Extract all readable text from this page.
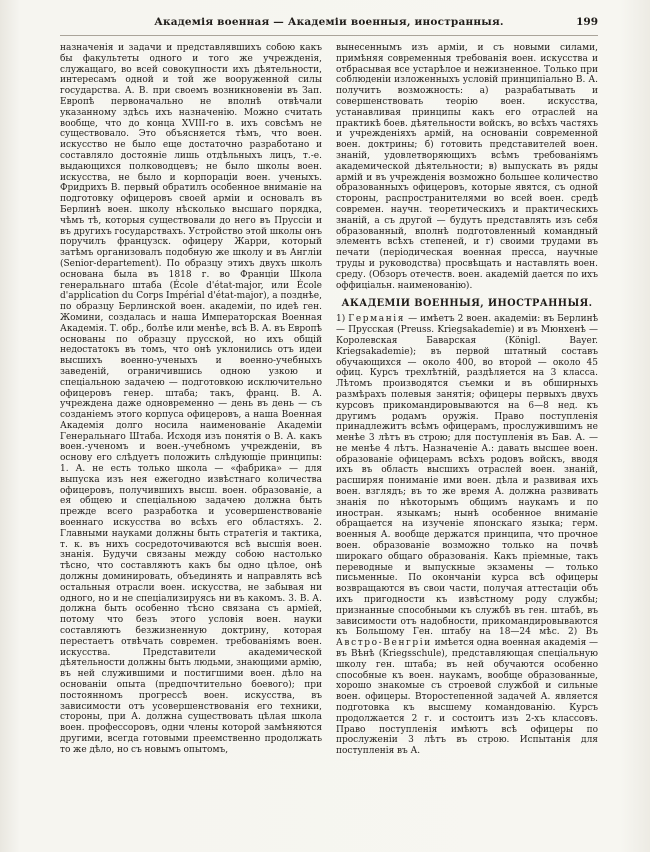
Академія военная — Академіи военныя, иностранныя.	199

назначенія и задачи и представлявшихъ собою какъ бы факультеты одного и того же учрежденія, служащаго, во всей совокупности ихъ дѣятельности, интересамъ одной и той же вооруженной силы государства. А. В. при своемъ возникновеніи въ Зап. Европѣ первоначально не вполнѣ отвѣчали указанному здѣсь ихъ назначенію. Можно считать вообще, что до конца XVIII-го в. ихъ совсѣмъ не существовало. Это объясняется тѣмъ, что воен. искусство не было еще достаточно разработано и составляло достояніе лишь отдѣльныхъ лицъ, т.-е. выдающихся полководцевъ; не было школы воен. искусства, не было и корпораціи воен. ученыхъ. Фридрихъ В. первый обратилъ особенное вниманіе на подготовку офицеровъ своей арміи и основалъ въ Берлинѣ воен. школу нѣсколько высшаго порядка, чѣмъ тѣ, которыя существовали до него въ Пруссіи и въ другихъ государствахъ. Устройство этой школы онъ поручилъ французск. офицеру Жарри, который затѣмъ организовалъ подобную же школу и въ Англіи (Senior-departement). По образцу этихъ двухъ школъ основана была въ 1818 г. во Франціи Школа генеральнаго штаба (École d'état-major, или École d'application du Corps Impérial d'état-major), а позднѣе, по образцу Берлинской воен. академіи, по идеѣ ген. Жомини, создалась и наша Императорская Военная Академія. Т. обр., болѣе или менѣе, всѣ В. А. въ Европѣ основаны по образцу прусской, но ихъ общій недостатокъ въ томъ, что онѣ уклонились отъ идеи высшихъ военно-ученыхъ и военно-учебныхъ заведеній, ограничившись одною узкою и спеціальною задачею — подготовкою исключительно офицеровъ генер. штаба; такъ, франц. В. А. учреждена даже одновременно — день въ день — съ созданіемъ этого корпуса офицеровъ, а наша Военная Академія долго носила наименованіе Академіи Генеральнаго Штаба. Исходя изъ понятія о В. А. какъ воен.-ученомъ и воен.-учебномъ учрежденіи, въ основу его слѣдуетъ положить слѣдующіе принципы: 1. А. не есть только школа — «фабрика» — для выпуска изъ нея ежегодно извѣстнаго количества офицеровъ, получившихъ высш. воен. образованіе, а ея общею и спеціальною задачею должна быть прежде всего разработка и усовершенствованіе военнаго искусства во всѣхъ его областяхъ. 2. Главными науками должны быть стратегія и тактика, т. к. въ нихъ сосредоточиваются всѣ высшія воен. знанія. Будучи связаны между собою настолько тѣсно, что составляютъ какъ бы одно цѣлое, онѣ должны доминировать, объединять и направлять всѣ остальныя отрасли воен. искусства, не забывая ни одного, но и не спеціализируясь ни въ какомъ. 3. В. А. должна быть особенно тѣсно связана съ арміей, потому что безъ этого условія воен. науки составляютъ безжизненную доктрину, которая перестаетъ отвѣчать современ. требованіямъ воен. искусства. Представители академической дѣятельности должны быть людьми, знающими армію, въ ней служившими и постигшими воен. дѣло на основаніи опыта (предпочтительно боевого); при постоянномъ прогрессѣ воен. искусства, въ зависимости отъ усовершенствованія его техники, стороны, при А. должна существовать цѣлая школа воен. профессоровъ, одни члены которой замѣняются другими, всегда готовыми преемственно продолжать то же дѣло, но съ новымъ опытомъ,

вынесеннымъ изъ арміи, и съ новыми силами, примѣняя современныя требованія воен. искусства и отбрасывая все устарѣлое и нежизненное. Только при соблюденіи изложенныхъ условій принципіально В. А. получитъ возможность: а) разрабатывать и совершенствовать теорію воен. искусства, устанавливая принципы какъ его отраслей на практикѣ боев. дѣятельности войскъ, во всѣхъ частяхъ и учрежденіяхъ армій, на основаніи современной воен. доктрины; б) готовить представителей воен. знаній, удовлетворяющихъ всѣмъ требованіямъ академической дѣятельности; в) выпускать въ ряды армій и въ учрежденія возможно большее количество образованныхъ офицеровъ, которые явятся, съ одной стороны, распространителями во всей воен. средѣ современ. научн. теоретическихъ и практическихъ знаній, а съ другой — будутъ представлять изъ себя образованный, вполнѣ подготовленный командный элементъ всѣхъ степеней, и г) своими трудами въ печати (періодическая военная пресса, научные труды и руководства) просвѣщать и наставлять воен. среду. (Обзоръ отечеств. воен. академій дается по ихъ оффиціальн. наименованію).

АКАДЕМІИ ВОЕННЫЯ, ИНОСТРАННЫЯ.

1) Германія — имѣетъ 2 воен. академіи: въ Берлинѣ — Прусская (Preuss. Kriegsakademie) и въ Мюнхенѣ — Королевская Баварская (Königl. Bayer. Kriegsakademie); въ первой штатный составъ обучающихся — около 400, во второй — около 45 офиц. Курсъ трехлѣтній, раздѣляется на 3 класса. Лѣтомъ производятся съемки и въ обширныхъ размѣрахъ полевыя занятія; офицеры первыхъ двухъ курсовъ прикомандировываются на 6—8 нед. къ другимъ родамъ оружія. Право поступленія принадлежитъ всѣмъ офицерамъ, прослужившимъ не менѣе 3 лѣтъ въ строю; для поступленія въ Бав. А. — не менѣе 4 лѣтъ. Назначеніе А.: давать высшее воен. образованіе офицерамъ всѣхъ родовъ войскъ, вводя ихъ въ область высшихъ отраслей воен. знаній, расширяя пониманіе ими воен. дѣла и развивая ихъ воен. взглядъ; въ то же время А. должна развивать знанія по нѣкоторымъ общимъ наукамъ и по иностран. языкамъ; нынѣ особенное вниманіе обращается на изученіе японскаго языка; герм. военныя А. вообще держатся принципа, что прочное воен. образованіе возможно только на почвѣ широкаго общаго образованія. Какъ пріемные, такъ переводные и выпускные экзамены — только письменные. По окончаніи курса всѣ офицеры возвращаются въ свои части, получая аттестаціи объ ихъ пригодности къ извѣстному роду службы; признанные способными къ службѣ въ ген. штабѣ, въ зависимости отъ надобности, прикомандировываются къ Большому Ген. штабу на 18—24 мѣс. 2) Въ Австро-Венгріи имѣется одна военная академія — въ Вѣнѣ (Kriegsschule), представляющая спеціальную школу ген. штаба; въ ней обучаются особенно способные къ воен. наукамъ, вообще образованные, хорошо знакомые съ строевой службой и сильные воен. офицеры. Второстепенной задачей А. является подготовка къ высшему командованію. Курсъ продолжается 2 г. и состоитъ изъ 2-хъ классовъ. Право поступленія имѣютъ всѣ офицеры по прослуженіи 3 лѣтъ въ строю. Испытанія для поступленія въ А.
